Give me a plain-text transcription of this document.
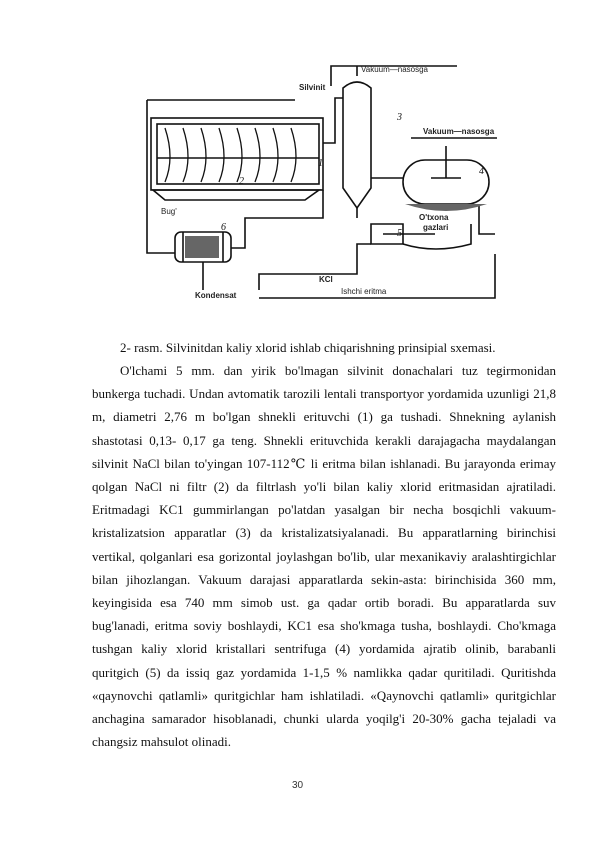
Vakuum—nasosga
Silvinit
Vakuum—nasosga
Bug'
O'txona
gazlari
KCl
Ishchi eritma
Kondensat
1
2
3
4
5
6
2- rasm. Silvinitdan kaliy xlorid ishlab chiqarishning prinsipial sxemasi.

O'lchami 5 mm. dan yirik bo'lmagan silvinit donachalari tuz tegirmonidan bunkerga tuchadi. Undan avtomatik tarozili lentali transportyor yordamida uzunligi 21,8 m, diametri 2,76 m bo'lgan shnekli erituvchi (1) ga tushadi. Shnekning aylanish shastotasi 0,13- 0,17 ga teng. Shnekli erituvchida kerakli darajagacha maydalangan silvinit NaCl bilan to'yingan 107-112℃ li eritma bilan ishlanadi. Bu jarayonda erimay qolgan NaCl ni filtr (2) da filtrlash yo'li bilan kaliy xlorid eritmasidan ajratiladi. Eritmadagi KC1 gummirlangan po'latdan yasalgan bir necha bosqichli vakuum-kristalizatsion apparatlar (3) da kristalizatsiyalanadi. Bu apparatlarning birinchisi vertikal, qolganlari esa gorizontal joylashgan bo'lib, ular mexanikaviy aralashtirgichlar bilan jihozlangan. Vakuum darajasi apparatlarda sekin-asta: birinchisida 360 mm, keyingisida esa 740 mm simob ust. ga qadar ortib boradi. Bu apparatlarda suv bug'lanadi, eritma soviy boshlaydi, KC1 esa sho'kmaga tusha, boshlaydi. Cho'kmaga tushgan kaliy xlorid kristallari sentrifuga (4) yordamida ajratib olinib, barabanli quritgich (5) da issiq gaz yordamida 1-1,5 % namlikka qadar quritiladi. Quritishda «qaynovchi qatlamli» quritgichlar ham ishlatiladi. «Qaynovchi qatlamli» quritgichlar anchagina samarador hisoblanadi, chunki ularda yoqilg'i 20-30% gacha tejaladi va changsiz mahsulot olinadi.

30
